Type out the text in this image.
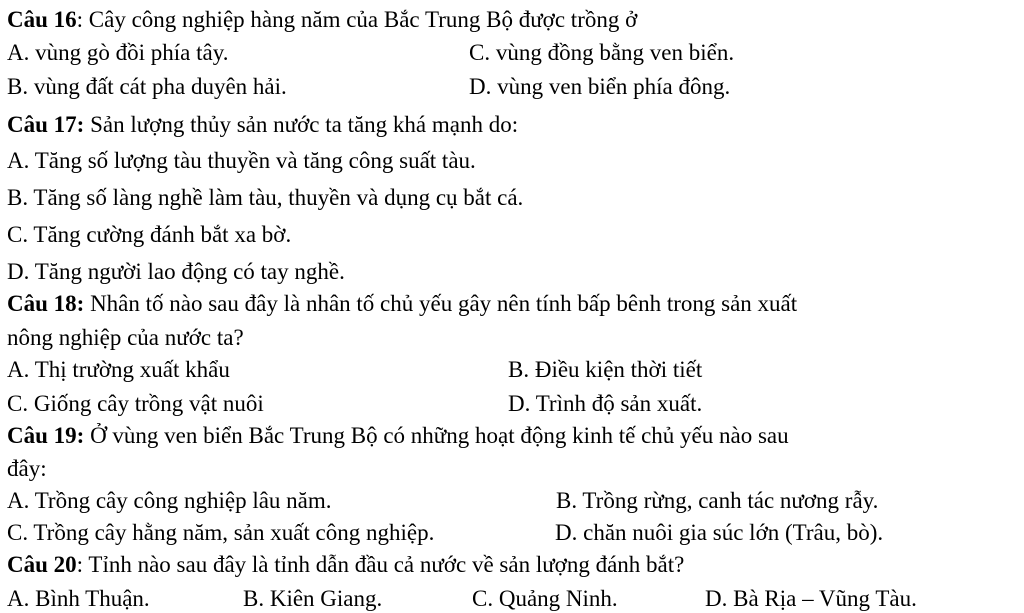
Câu 16: Cây công nghiệp hàng năm của Bắc Trung Bộ được trồng ở
A. vùng gò đồi phía tây.	C. vùng đồng bằng ven biển.
B. vùng đất cát pha duyên hải.	D. vùng ven biển phía đông.
Câu 17: Sản lượng thủy sản nước ta tăng khá mạnh do:
A. Tăng số lượng tàu thuyền và tăng công suất tàu.
B. Tăng số làng nghề làm tàu, thuyền và dụng cụ bắt cá.
C. Tăng cường đánh bắt xa bờ.
D. Tăng người lao động có tay nghề.
Câu 18: Nhân tố nào sau đây là nhân tố chủ yếu gây nên tính bấp bênh trong sản xuất
nông nghiệp của nước ta?
A. Thị trường xuất khẩu	B. Điều kiện thời tiết
C. Giống cây trồng vật nuôi	D. Trình độ sản xuất.
Câu 19: Ở vùng ven biển Bắc Trung Bộ có những hoạt động kinh tế chủ yếu nào sau
đây:
A. Trồng cây công nghiệp lâu năm.	B. Trồng rừng, canh tác nương rẫy.
C. Trồng cây hằng năm, sản xuất công nghiệp.	D. chăn nuôi gia súc lớn (Trâu, bò).
Câu 20: Tỉnh nào sau đây là tỉnh dẫn đầu cả nước về sản lượng đánh bắt?
A. Bình Thuận.	B. Kiên Giang.	C. Quảng Ninh.	D. Bà Rịa – Vũng Tàu.
